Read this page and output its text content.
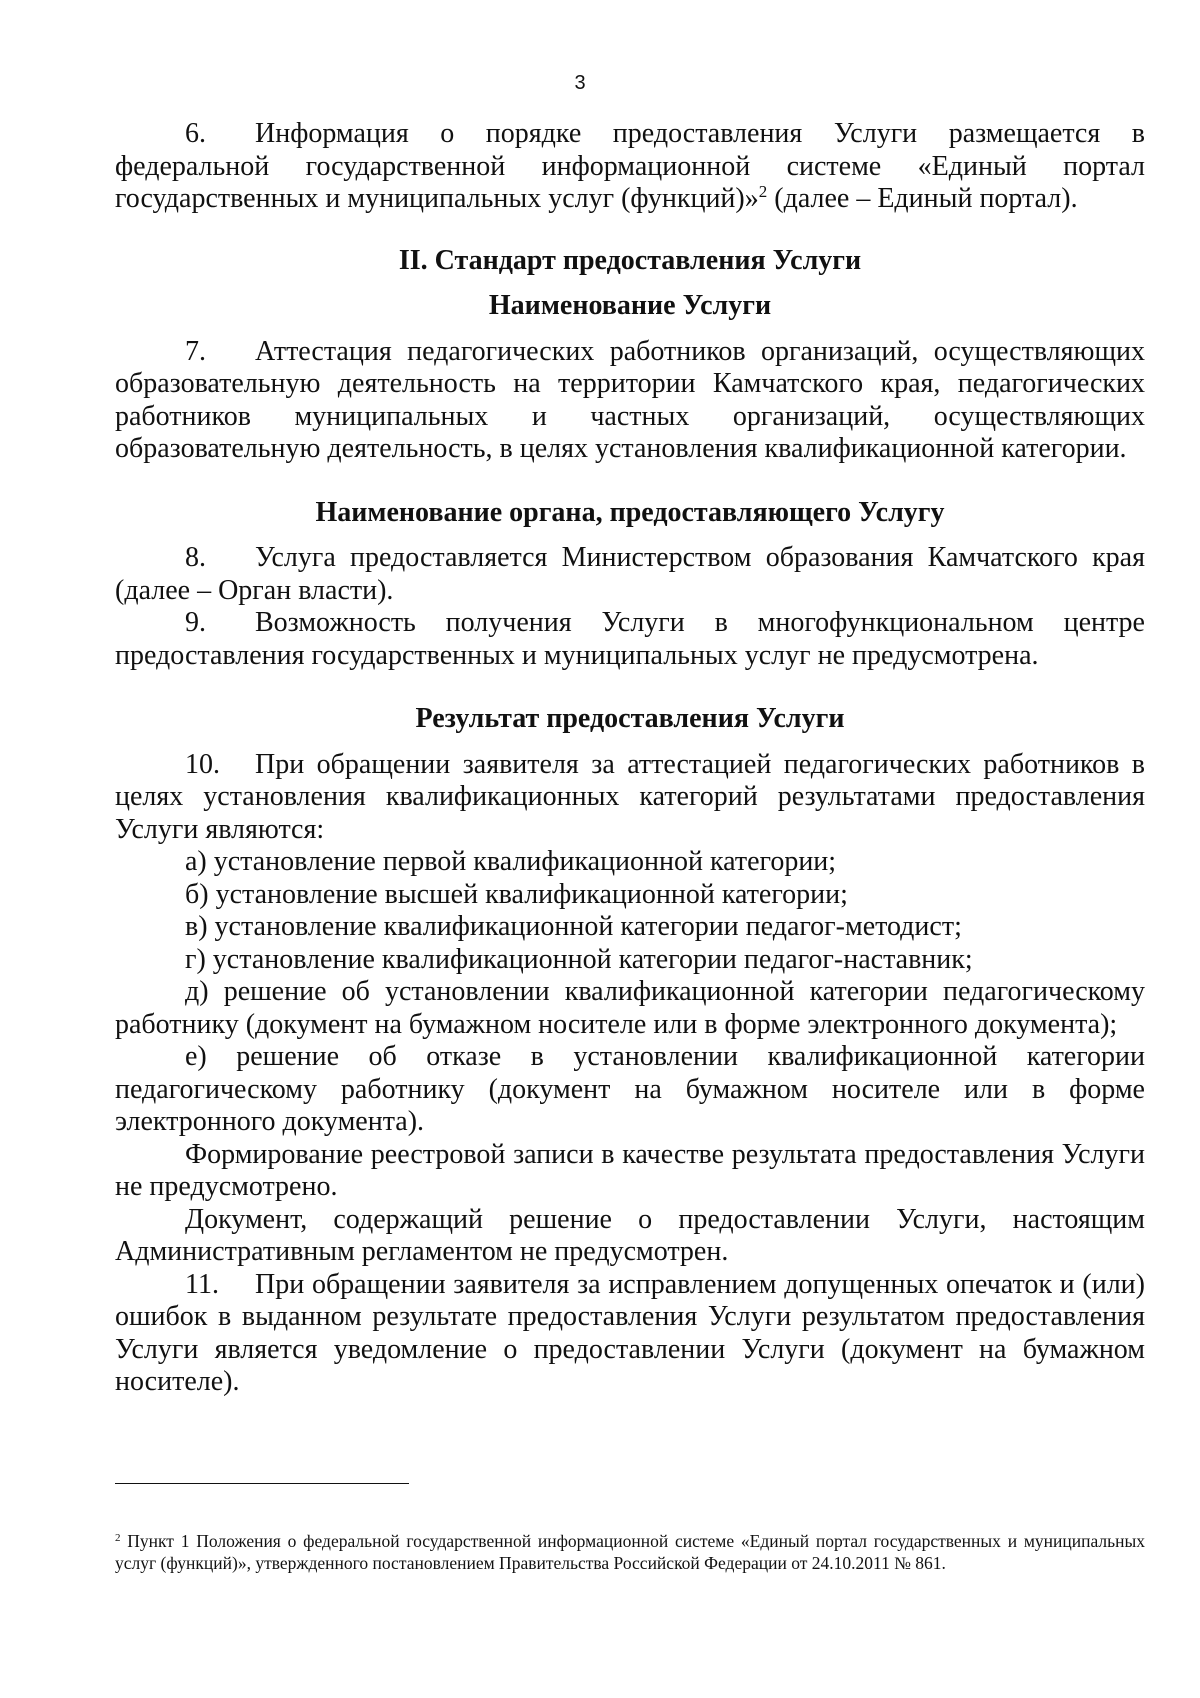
3

6. Информация о порядке предоставления Услуги размещается в федеральной государственной информационной системе «Единый портал государственных и муниципальных услуг (функций)»$^2$ (далее – Единый портал).

II. Стандарт предоставления Услуги

Наименование Услуги

7. Аттестация педагогических работников организаций, осуществляющих образовательную деятельность на территории Камчатского края, педагогических работников муниципальных и частных организаций, осуществляющих образовательную деятельность, в целях установления квалификационной категории.

Наименование органа, предоставляющего Услугу

8. Услуга предоставляется Министерством образования Камчатского края (далее – Орган власти).

9. Возможность получения Услуги в многофункциональном центре предоставления государственных и муниципальных услуг не предусмотрена.

Результат предоставления Услуги

10. При обращении заявителя за аттестацией педагогических работников в целях установления квалификационных категорий результатами предоставления Услуги являются:

а) установление первой квалификационной категории;

б) установление высшей квалификационной категории;

в) установление квалификационной категории педагог-методист;

г) установление квалификационной категории педагог-наставник;

д) решение об установлении квалификационной категории педагогическому работнику (документ на бумажном носителе или в форме электронного документа);

е) решение об отказе в установлении квалификационной категории педагогическому работнику (документ на бумажном носителе или в форме электронного документа).

Формирование реестровой записи в качестве результата предоставления Услуги не предусмотрено.

Документ, содержащий решение о предоставлении Услуги, настоящим Административным регламентом не предусмотрен.

11. При обращении заявителя за исправлением допущенных опечаток и (или) ошибок в выданном результате предоставления Услуги результатом предоставления Услуги является уведомление о предоставлении Услуги (документ на бумажном носителе).

$^2$ Пункт 1 Положения о федеральной государственной информационной системе «Единый портал государственных и муниципальных услуг (функций)», утвержденного постановлением Правительства Российской Федерации от 24.10.2011 № 861.
